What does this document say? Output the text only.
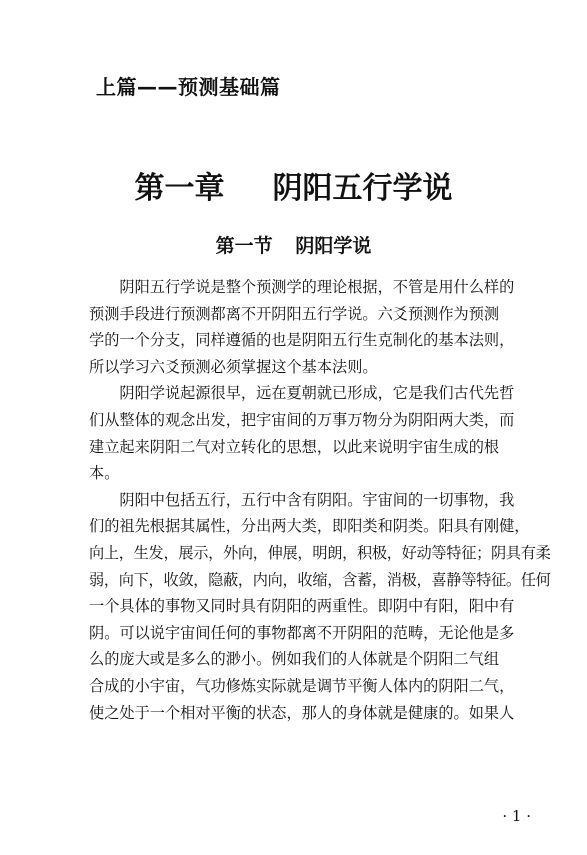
上篇——预测基础篇
第一章 阴阳五行学说
第一节 阴阳学说
阴阳五行学说是整个预测学的理论根据，不管是用什么样的
预测手段进行预测都离不开阴阳五行学说。六爻预测作为预测
学的一个分支，同样遵循的也是阴阳五行生克制化的基本法则，
所以学习六爻预测必须掌握这个基本法则。
阴阳学说起源很早，远在夏朝就已形成，它是我们古代先哲
们从整体的观念出发，把宇宙间的万事万物分为阴阳两大类，而
建立起来阴阳二气对立转化的思想，以此来说明宇宙生成的根
本。
阴阳中包括五行，五行中含有阴阳。宇宙间的一切事物，我
们的祖先根据其属性，分出两大类，即阳类和阴类。阳具有刚健，
向上，生发，展示，外向，伸展，明朗，积极，好动等特征；阴具有柔
弱，向下，收敛，隐蔽，内向，收缩，含蓄，消极，喜静等特征。任何
一个具体的事物又同时具有阴阳的两重性。即阴中有阳，阳中有
阴。可以说宇宙间任何的事物都离不开阴阳的范畴，无论他是多
么的庞大或是多么的渺小。例如我们的人体就是个阴阳二气组
合成的小宇宙，气功修炼实际就是调节平衡人体内的阴阳二气，
使之处于一个相对平衡的状态，那人的身体就是健康的。如果人
· 1 ·
